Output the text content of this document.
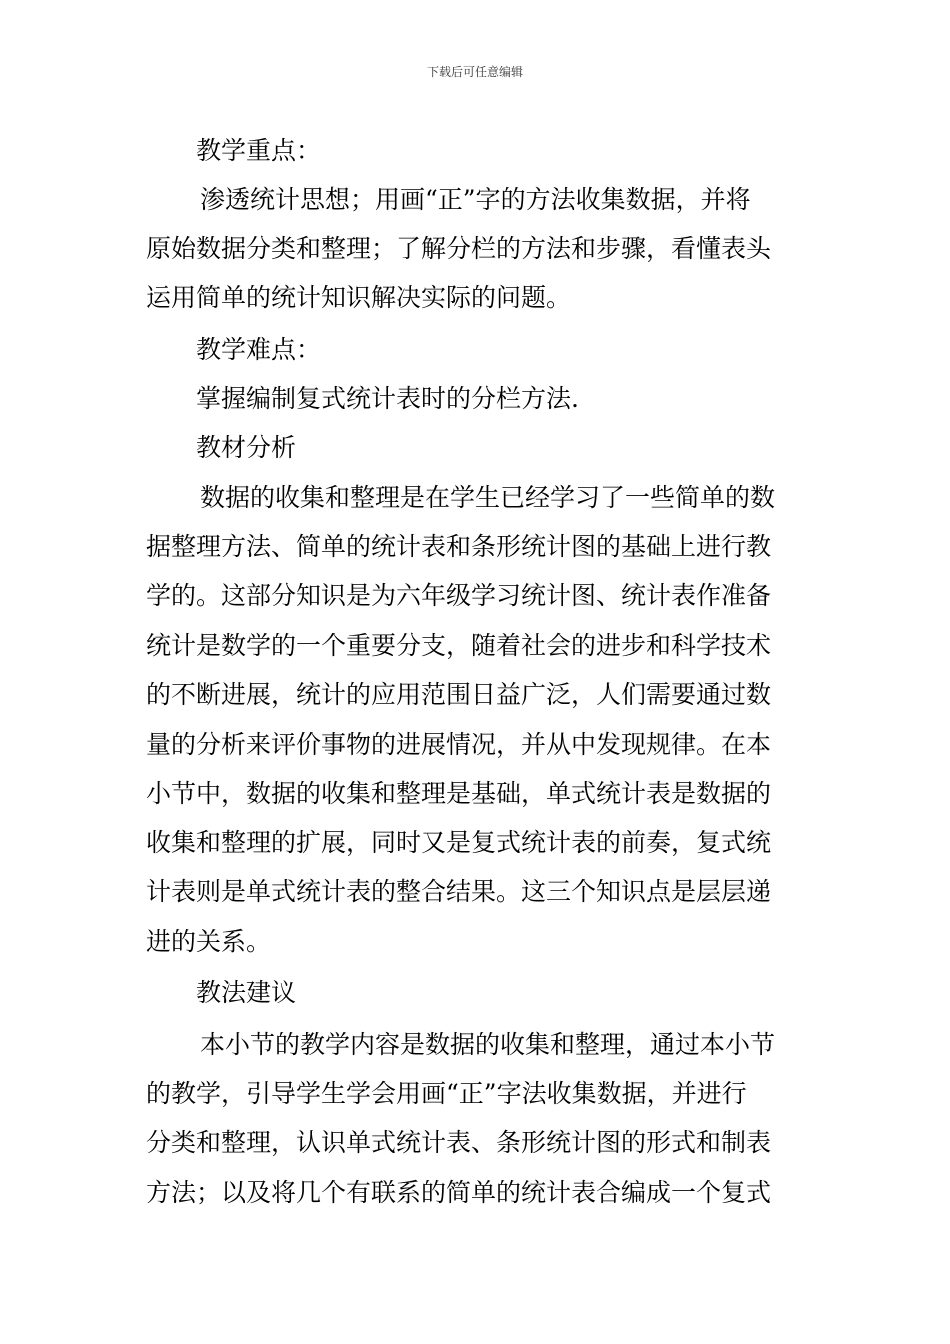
下载后可任意编辑
教学重点：
渗透统计思想；用画“正”字的方法收集数据，并将
原始数据分类和整理；了解分栏的方法和步骤，看懂表头
运用简单的统计知识解决实际的问题。
教学难点：
掌握编制复式统计表时的分栏方法.
教材分析
数据的收集和整理是在学生已经学习了一些简单的数
据整理方法、简单的统计表和条形统计图的基础上进行教
学的。这部分知识是为六年级学习统计图、统计表作准备
统计是数学的一个重要分支，随着社会的进步和科学技术
的不断进展，统计的应用范围日益广泛，人们需要通过数
量的分析来评价事物的进展情况，并从中发现规律。在本
小节中，数据的收集和整理是基础，单式统计表是数据的
收集和整理的扩展，同时又是复式统计表的前奏，复式统
计表则是单式统计表的整合结果。这三个知识点是层层递
进的关系。
教法建议
本小节的教学内容是数据的收集和整理，通过本小节
的教学，引导学生学会用画“正”字法收集数据，并进行
分类和整理，认识单式统计表、条形统计图的形式和制表
方法；以及将几个有联系的简单的统计表合编成一个复式
